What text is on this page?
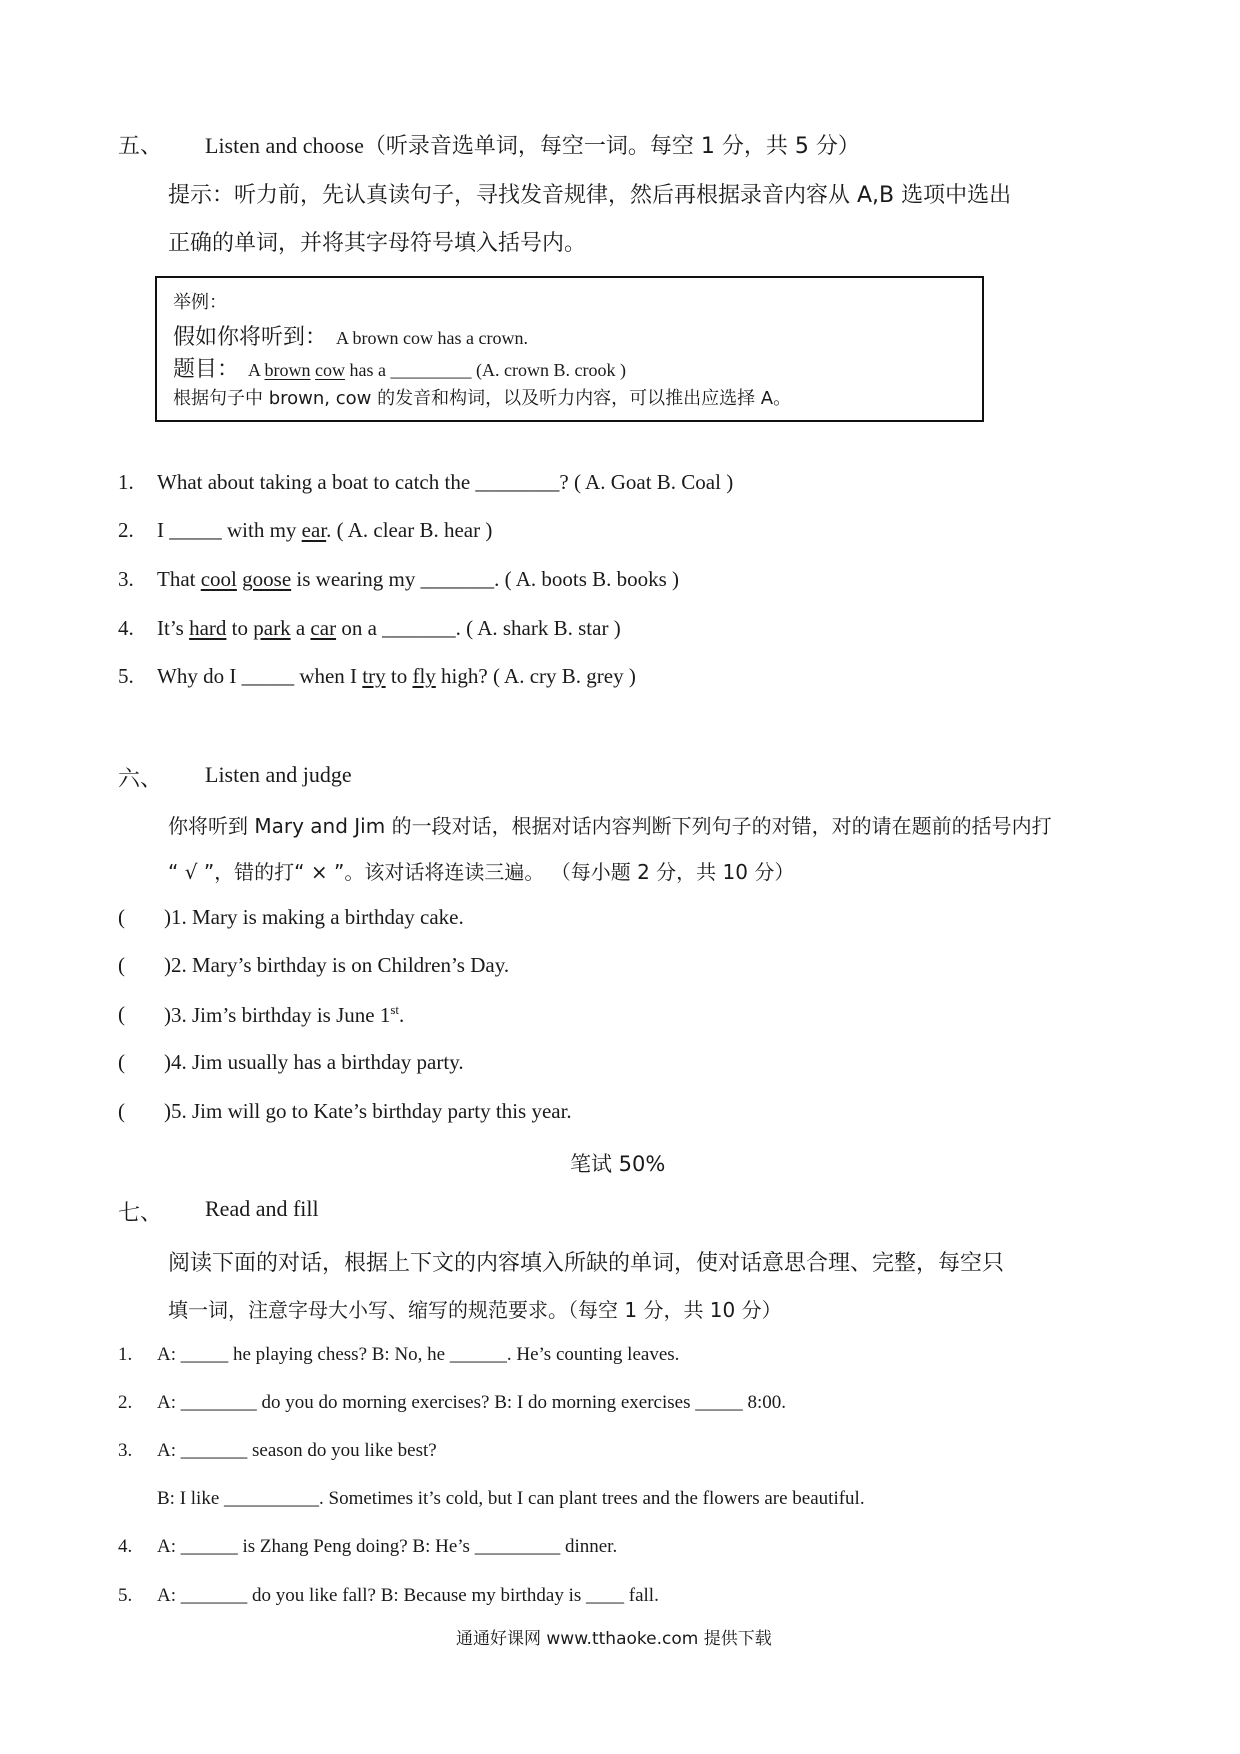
五、 Listen and choose（听录音选单词，每空一词。每空 1 分，共 5 分）
提示：听力前，先认真读句子，寻找发音规律，然后再根据录音内容从 A,B 选项中选出
正确的单词，并将其字母符号填入括号内。
举例：
假如你将听到： A brown cow has a crown.
题目： A brown cow has a _________ (A. crown B. crook )
根据句子中 brown, cow 的发音和构词，以及听力内容，可以推出应选择 A。
1. What about taking a boat to catch the ________? ( A. Goat B. Coal )
2. I _____ with my ear. ( A. clear B. hear )
3. That cool goose is wearing my _______. ( A. boots B. books )
4. It’s hard to park a car on a _______. ( A. shark B. star )
5. Why do I _____ when I try to fly high? ( A. cry B. grey )
六、 Listen and judge
你将听到 Mary and Jim 的一段对话，根据对话内容判断下列句子的对错，对的请在题前的括号内打
“ √ ”，错的打“ × ”。该对话将连读三遍。 （每小题 2 分，共 10 分）
( )1. Mary is making a birthday cake.
( )2. Mary’s birthday is on Children’s Day.
( )3. Jim’s birthday is June 1st.
( )4. Jim usually has a birthday party.
( )5. Jim will go to Kate’s birthday party this year.
笔试 50%
七、 Read and fill
阅读下面的对话，根据上下文的内容填入所缺的单词，使对话意思合理、完整，每空只
填一词，注意字母大小写、缩写的规范要求。（每空 1 分，共 10 分）
1. A: _____ he playing chess? B: No, he ______. He’s counting leaves.
2. A: ________ do you do morning exercises? B: I do morning exercises _____ 8:00.
3. A: _______ season do you like best?
B: I like __________. Sometimes it’s cold, but I can plant trees and the flowers are beautiful.
4. A: ______ is Zhang Peng doing? B: He’s _________ dinner.
5. A: _______ do you like fall? B: Because my birthday is ____ fall.
通通好课网 www.tthaoke.com 提供下载
